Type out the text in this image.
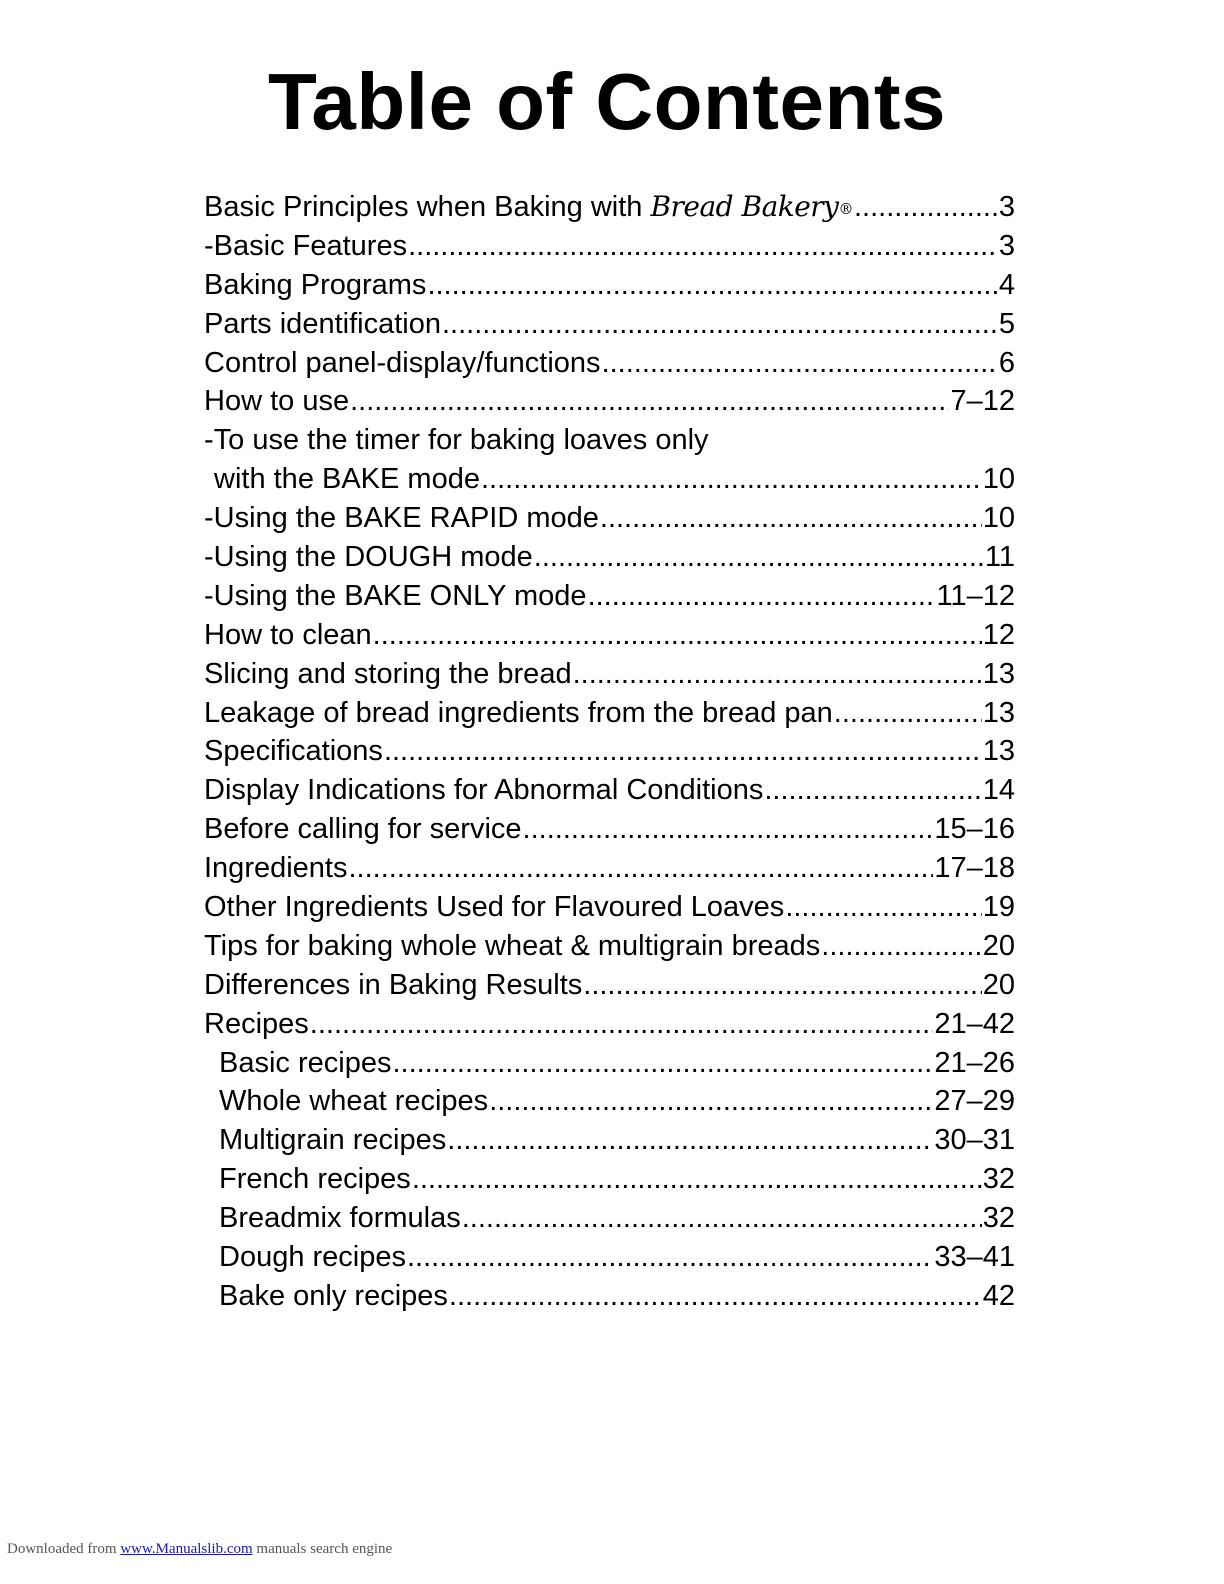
Table of Contents
Basic Principles when Baking with Bread Bakery® .....	3
-Basic Features .....	3
Baking Programs .....	4
Parts identification .....	5
Control panel-display/functions .....	6
How to use .....	7–12
-To use the timer for baking loaves only
with the BAKE mode .....	10
-Using the BAKE RAPID mode .....	10
-Using the DOUGH mode .....	11
-Using the BAKE ONLY mode .....	11–12
How to clean .....	12
Slicing and storing the bread .....	13
Leakage of bread ingredients from the bread pan .....	13
Specifications .....	13
Display Indications for Abnormal Conditions .....	14
Before calling for service .....	15–16
Ingredients .....	17–18
Other Ingredients Used for Flavoured Loaves .....	19
Tips for baking whole wheat & multigrain breads .....	20
Differences in Baking Results .....	20
Recipes .....	21–42
Basic recipes .....	21–26
Whole wheat recipes .....	27–29
Multigrain recipes .....	30–31
French recipes .....	32
Breadmix formulas .....	32
Dough recipes .....	33–41
Bake only recipes .....	42
Downloaded from www.Manualslib.com manuals search engine
